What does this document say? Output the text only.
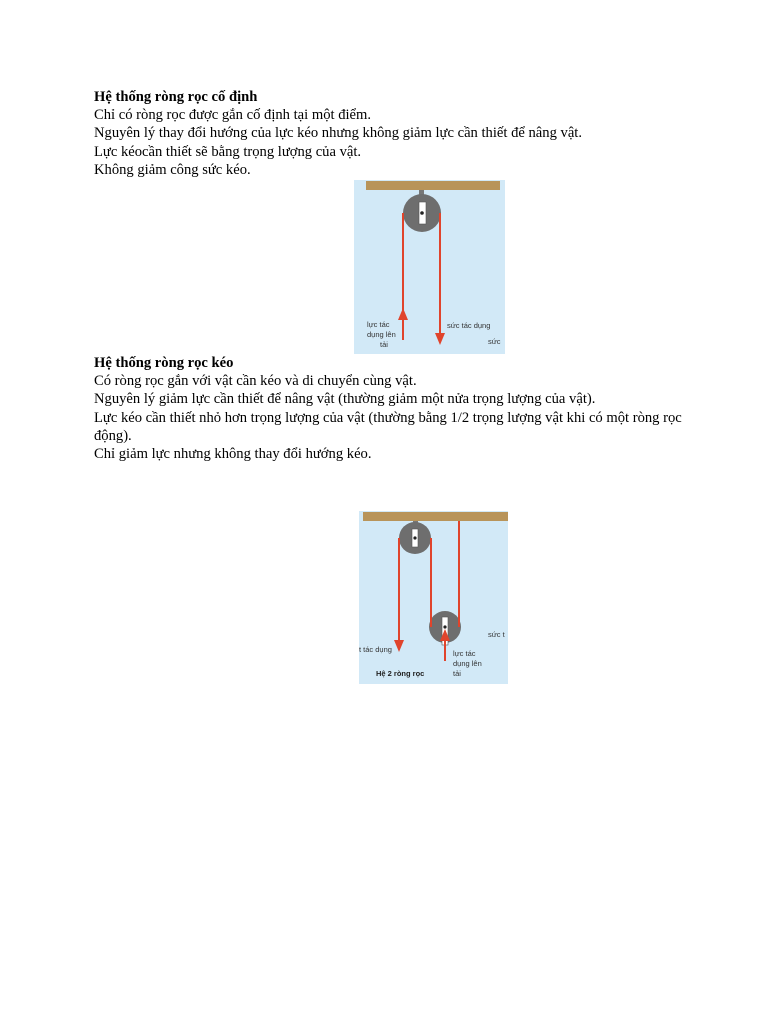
Hệ thống ròng rọc cố định

Chỉ có ròng rọc được gắn cố định tại một điểm.

Nguyên lý thay đổi hướng của lực kéo nhưng không giảm lực cần thiết để nâng vật.

Lực kéocần thiết sẽ bằng trọng lượng của vật.

Không giảm công sức kéo.

lực tác
dụng lên
tải
sức tác dụng
sức

Hệ thống ròng rọc kéo

Có ròng rọc gắn với vật cần kéo và di chuyển cùng vật.

Nguyên lý giảm lực cần thiết để nâng vật (thường giảm một nửa trọng lượng của vật).

Lực kéo cần thiết nhỏ hơn trọng lượng của vật (thường bằng 1/2 trọng lượng vật khi có một ròng rọc động).

Chỉ giảm lực nhưng không thay đổi hướng kéo.

t tác dụng
Hệ 2 ròng rọc
lực tác
dụng lên
tải
sức t
